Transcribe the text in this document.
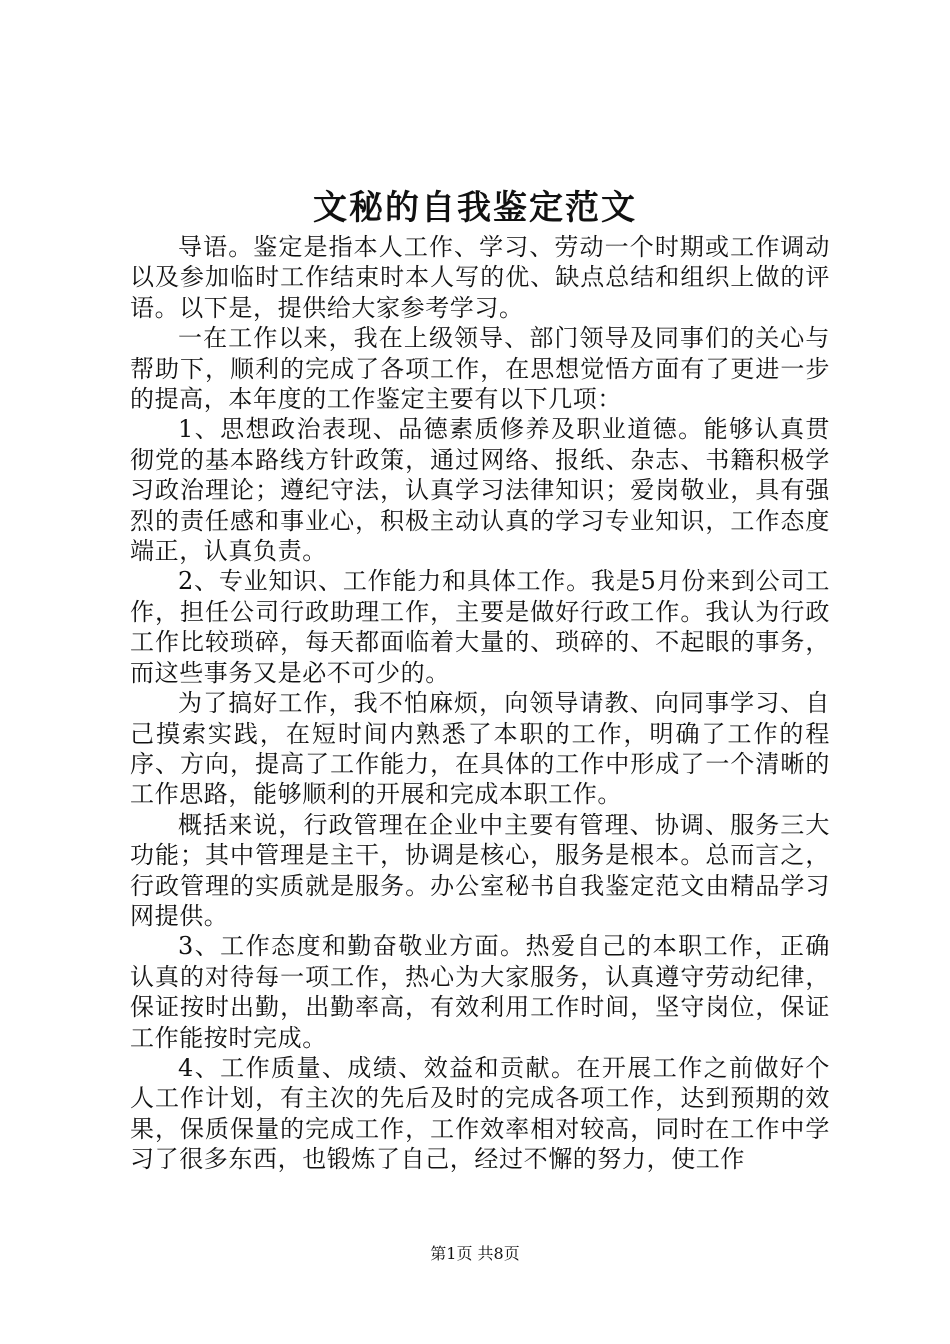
文秘的自我鉴定范文

导语。鉴定是指本人工作、学习、劳动一个时期或工作调动以及参加临时工作结束时本人写的优、缺点总结和组织上做的评语。以下是，提供给大家参考学习。

一在工作以来，我在上级领导、部门领导及同事们的关心与帮助下，顺利的完成了各项工作，在思想觉悟方面有了更进一步的提高，本年度的工作鉴定主要有以下几项：

1、思想政治表现、品德素质修养及职业道德。能够认真贯彻党的基本路线方针政策，通过网络、报纸、杂志、书籍积极学习政治理论；遵纪守法，认真学习法律知识；爱岗敬业，具有强烈的责任感和事业心，积极主动认真的学习专业知识，工作态度端正，认真负责。

2、专业知识、工作能力和具体工作。我是5月份来到公司工作，担任公司行政助理工作，主要是做好行政工作。我认为行政工作比较琐碎，每天都面临着大量的、琐碎的、不起眼的事务，而这些事务又是必不可少的。

为了搞好工作，我不怕麻烦，向领导请教、向同事学习、自己摸索实践，在短时间内熟悉了本职的工作，明确了工作的程序、方向，提高了工作能力，在具体的工作中形成了一个清晰的工作思路，能够顺利的开展和完成本职工作。

概括来说，行政管理在企业中主要有管理、协调、服务三大功能；其中管理是主干，协调是核心，服务是根本。总而言之，行政管理的实质就是服务。办公室秘书自我鉴定范文由精品学习网提供。

3、工作态度和勤奋敬业方面。热爱自己的本职工作，正确认真的对待每一项工作，热心为大家服务，认真遵守劳动纪律，保证按时出勤，出勤率高，有效利用工作时间，坚守岗位，保证工作能按时完成。

4、工作质量、成绩、效益和贡献。在开展工作之前做好个人工作计划，有主次的先后及时的完成各项工作，达到预期的效果，保质保量的完成工作，工作效率相对较高，同时在工作中学习了很多东西，也锻炼了自己，经过不懈的努力，使工作

第1页 共8页
